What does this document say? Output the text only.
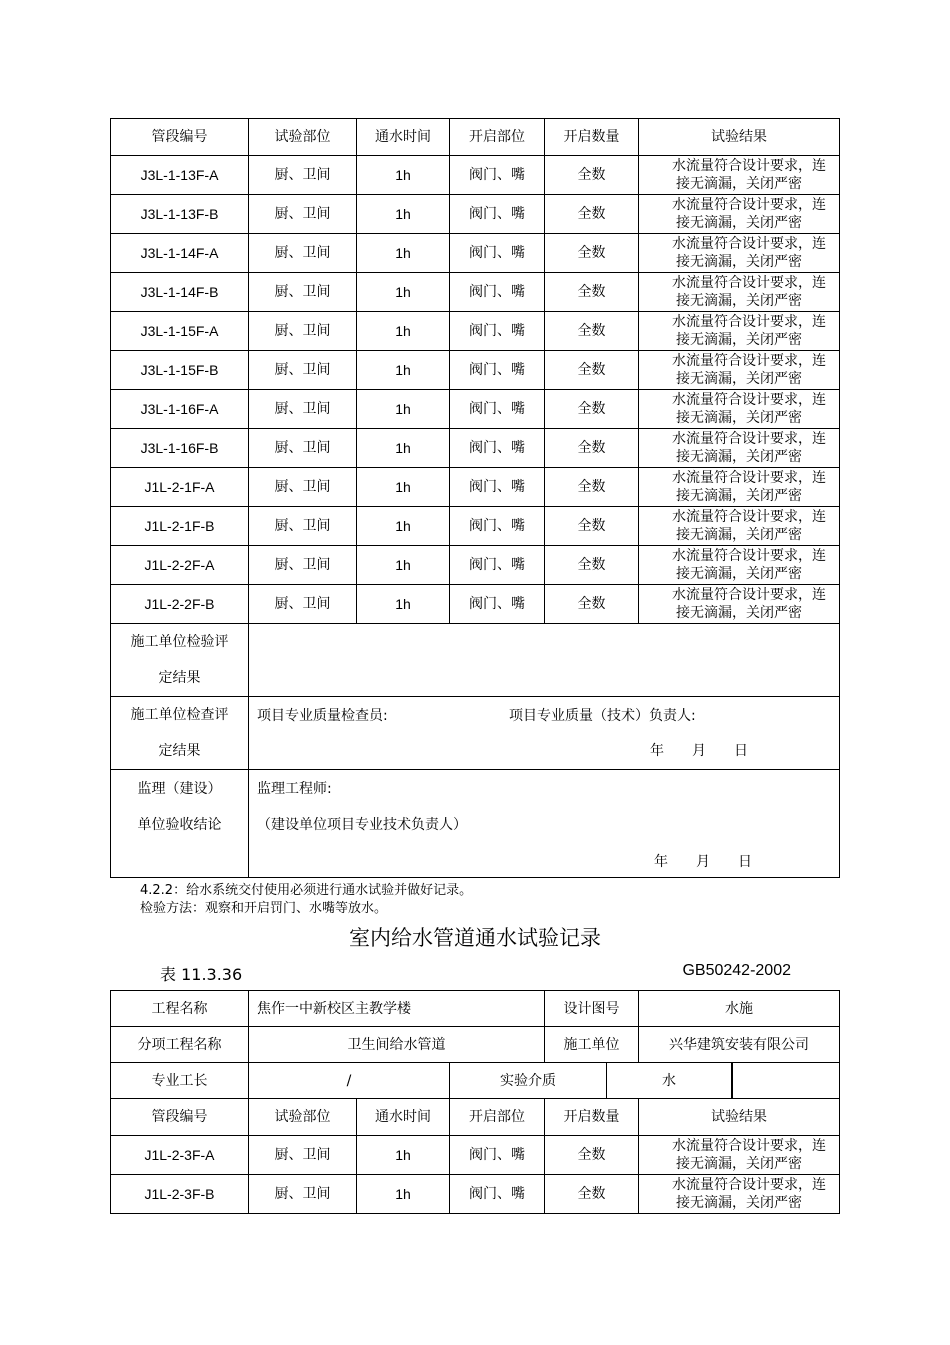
管段编号	试验部位	通水时间	开启部位	开启数量	试验结果
J3L-1-13F-A	厨、卫间	1h	阀门、嘴	全数	水流量符合设计要求，连
接无滴漏，关闭严密

J3L-1-13F-B	厨、卫间	1h	阀门、嘴	全数	水流量符合设计要求，连
接无滴漏，关闭严密

J3L-1-14F-A	厨、卫间	1h	阀门、嘴	全数	水流量符合设计要求，连
接无滴漏，关闭严密

J3L-1-14F-B	厨、卫间	1h	阀门、嘴	全数	水流量符合设计要求，连
接无滴漏，关闭严密

J3L-1-15F-A	厨、卫间	1h	阀门、嘴	全数	水流量符合设计要求，连
接无滴漏，关闭严密

J3L-1-15F-B	厨、卫间	1h	阀门、嘴	全数	水流量符合设计要求，连
接无滴漏，关闭严密

J3L-1-16F-A	厨、卫间	1h	阀门、嘴	全数	水流量符合设计要求，连
接无滴漏，关闭严密

J3L-1-16F-B	厨、卫间	1h	阀门、嘴	全数	水流量符合设计要求，连
接无滴漏，关闭严密

J1L-2-1F-A	厨、卫间	1h	阀门、嘴	全数	水流量符合设计要求，连
接无滴漏，关闭严密

J1L-2-1F-B	厨、卫间	1h	阀门、嘴	全数	水流量符合设计要求，连
接无滴漏，关闭严密

J1L-2-2F-A	厨、卫间	1h	阀门、嘴	全数	水流量符合设计要求，连
接无滴漏，关闭严密

J1L-2-2F-B	厨、卫间	1h	阀门、嘴	全数	水流量符合设计要求，连
接无滴漏，关闭严密

施工单位检验评
定结果					

施工单位检查评
定结果	项目专业质量检查员: 项目专业质量（技术）负责人:
年 月 日				

监理（建设）
单位验收结论	监理工程师:
（建设单位项目专业技术负责人）
年 月 日				
4.2.2：给水系统交付使用必须进行通水试验并做好记录。
检验方法：观察和开启罚门、水嘴等放水。
室内给水管道通水试验记录
表 11.3.36	GB50242-2002
工程名称	焦作一中新校区主教学楼			设计图号		水施	
分项工程名称	卫生间给水管道			施工单位		兴华建筑安装有限公司	
专业工长	/		实验介质		水	

管段编号	试验部位	通水时间	开启部位	开启数量		试验结果	
J1L-2-3F-A	厨、卫间	1h	阀门、嘴	全数		水流量符合设计要求，连
接无滴漏，关闭严密	

J1L-2-3F-B	厨、卫间	1h	阀门、嘴	全数		水流量符合设计要求，连
接无滴漏，关闭严密	
